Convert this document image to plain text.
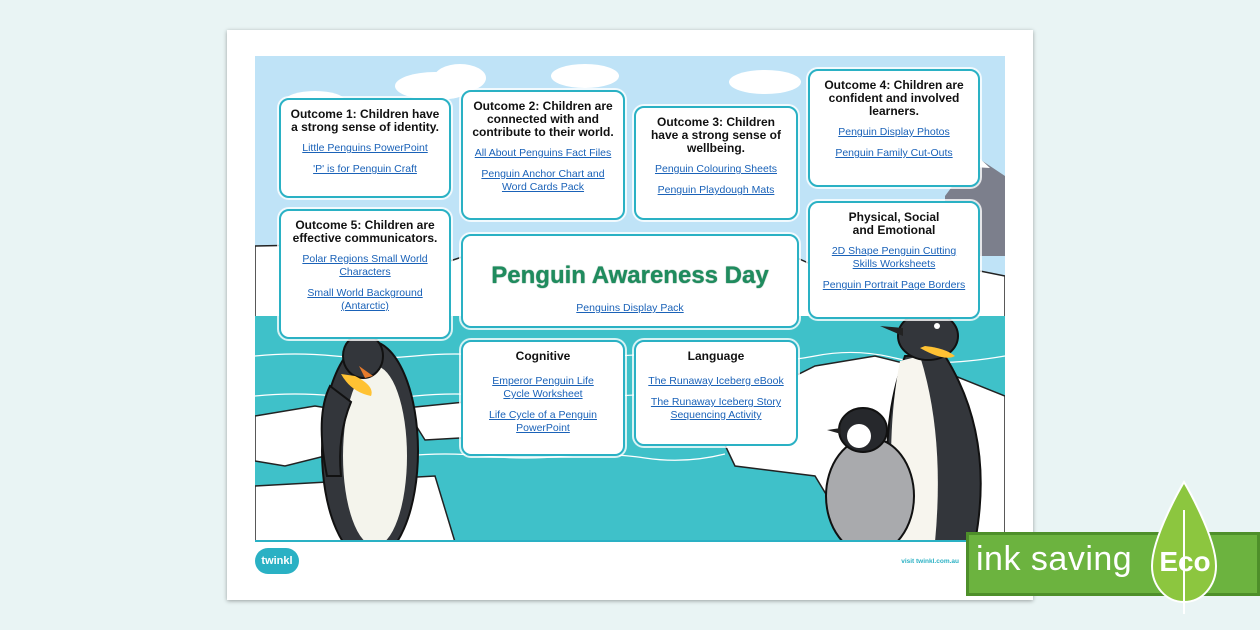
Outcome 1: Children have a strong sense of identity.
Little Penguins PowerPoint
'P' is for Penguin Craft
Outcome 2: Children are connected with and contribute to their world.
All About Penguins Fact Files
Penguin Anchor Chart and Word Cards Pack
Outcome 3: Children have a strong sense of wellbeing.
Penguin Colouring Sheets
Penguin Playdough Mats
Outcome 4: Children are confident and involved learners.
Penguin Display Photos
Penguin Family Cut-Outs
Outcome 5: Children are effective communicators.
Polar Regions Small World Characters
Small World Background (Antarctic)
Penguin Awareness Day
Penguins Display Pack
Physical, Social and Emotional
2D Shape Penguin Cutting Skills Worksheets
Penguin Portrait Page Borders
Cognitive
Emperor Penguin Life Cycle Worksheet
Life Cycle of a Penguin PowerPoint
Language
The Runaway Iceberg eBook
The Runaway Iceberg Story Sequencing Activity
twinkl	visit twinkl.com.au ink saving Eco
